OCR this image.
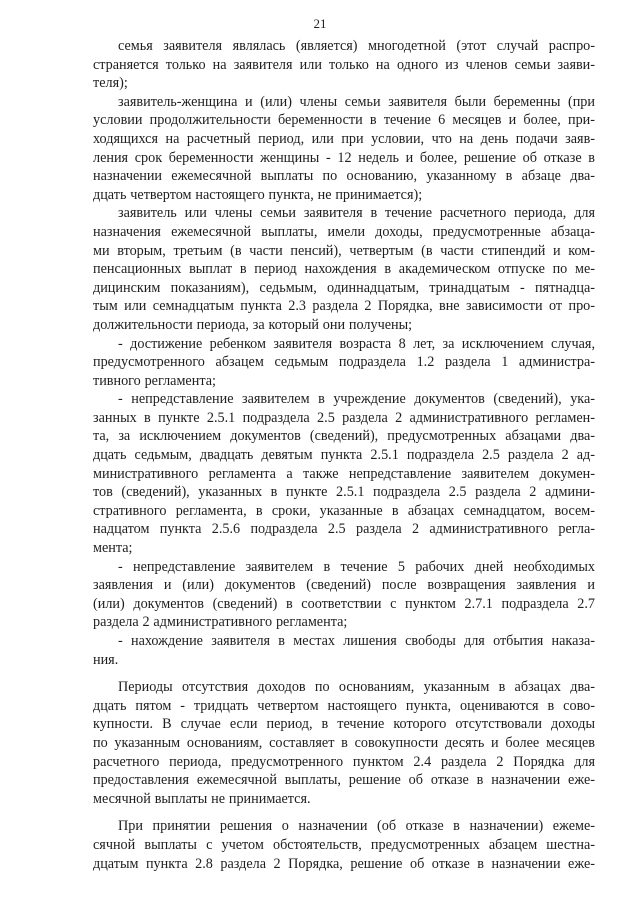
21
семья заявителя являлась (является) многодетной (этот случай распро-
страняется только на заявителя или только на одного из членов семьи заяви-
теля);
заявитель-женщина и (или) члены семьи заявителя были беременны (при
условии продолжительности беременности в течение 6 месяцев и более, при-
ходящихся на расчетный период, или при условии, что на день подачи заяв-
ления срок беременности женщины - 12 недель и более, решение об отказе в
назначении ежемесячной выплаты по основанию, указанному в абзаце два-
дцать четвертом настоящего пункта, не принимается);
заявитель или члены семьи заявителя в течение расчетного периода, для
назначения ежемесячной выплаты, имели доходы, предусмотренные абзаца-
ми вторым, третьим (в части пенсий), четвертым (в части стипендий и ком-
пенсационных выплат в период нахождения в академическом отпуске по ме-
дицинским показаниям), седьмым, одиннадцатым, тринадцатым - пятнадца-
тым или семнадцатым пункта 2.3 раздела 2 Порядка, вне зависимости от про-
должительности периода, за который они получены;
- достижение ребенком заявителя возраста 8 лет, за исключением случая,
предусмотренного абзацем седьмым подраздела 1.2 раздела 1 администра-
тивного регламента;
- непредставление заявителем в учреждение документов (сведений), ука-
занных в пункте 2.5.1 подраздела 2.5 раздела 2 административного регламен-
та, за исключением документов (сведений), предусмотренных абзацами два-
дцать седьмым, двадцать девятым пункта 2.5.1 подраздела 2.5 раздела 2 ад-
министративного регламента а также непредставление заявителем докумен-
тов (сведений), указанных в пункте 2.5.1 подраздела 2.5 раздела 2 админи-
стративного регламента, в сроки, указанные в абзацах семнадцатом, восем-
надцатом пункта 2.5.6 подраздела 2.5 раздела 2 административного регла-
мента;
- непредставление заявителем в течение 5 рабочих дней необходимых
заявления и (или) документов (сведений) после возвращения заявления и
(или) документов (сведений) в соответствии с пунктом 2.7.1 подраздела 2.7
раздела 2 административного регламента;
- нахождение заявителя в местах лишения свободы для отбытия наказа-
ния.
Периоды отсутствия доходов по основаниям, указанным в абзацах два-
дцать пятом - тридцать четвертом настоящего пункта, оцениваются в сово-
купности. В случае если период, в течение которого отсутствовали доходы
по указанным основаниям, составляет в совокупности десять и более месяцев
расчетного периода, предусмотренного пунктом 2.4 раздела 2 Порядка для
предоставления ежемесячной выплаты, решение об отказе в назначении еже-
месячной выплаты не принимается.
При принятии решения о назначении (об отказе в назначении) ежеме-
сячной выплаты с учетом обстоятельств, предусмотренных абзацем шестна-
дцатым пункта 2.8 раздела 2 Порядка, решение об отказе в назначении еже-
